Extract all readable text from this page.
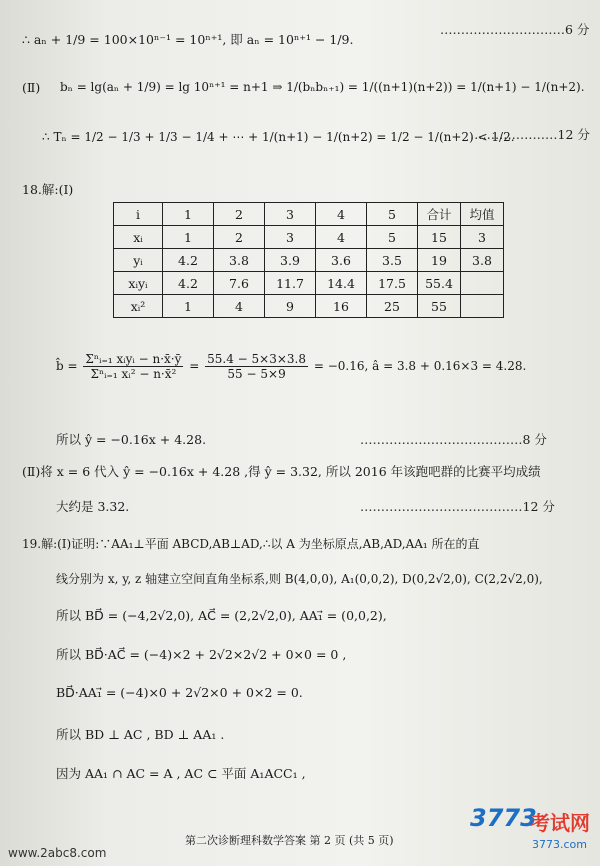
∴ aₙ + 1/9 = 100×10ⁿ⁻¹ = 10ⁿ⁺¹, 即 aₙ = 10ⁿ⁺¹ − 1/9.
…………………………6 分
(Ⅱ) bₙ = lg(aₙ + 1/9) = lg 10ⁿ⁺¹ = n+1 ⇒ 1/(bₙbₙ₊₁) = 1/((n+1)(n+2)) = 1/(n+1) − 1/(n+2).
∴ Tₙ = 1/2 − 1/3 + 1/3 − 1/4 + ⋯ + 1/(n+1) − 1/(n+2) = 1/2 − 1/(n+2) < 1/2.
…………………12 分
18.解:(Ⅰ)
i	1	2	3	4	5	合计	均值
xᵢ	1	2	3	4	5	15	3
yᵢ	4.2	3.8	3.9	3.6	3.5	19	3.8
xᵢyᵢ	4.2	7.6	11.7	14.4	17.5	55.4	
xᵢ²	1	4	9	16	25	55	
b̂ = $\frac{\text{Σⁿᵢ₌₁ xᵢyᵢ − n·x̄·ȳ}}{\text{Σⁿᵢ₌₁ xᵢ² − n·x̄²}} = \frac{55.4 - 5\times 3\times 3.8}{55 - 5\times 9} = -0.16$, â = 3.8 + 0.16×3 = 4.28.
所以 ŷ = −0.16x + 4.28.	…………………………………8 分
(Ⅱ)将 x = 6 代入 ŷ = −0.16x + 4.28 ,得 ŷ = 3.32, 所以 2016 年该跑吧群的比赛平均成绩
大约是 3.32.	…………………………………12 分
19.解:(Ⅰ)证明:∵AA₁⊥平面 ABCD,AB⊥AD,∴以 A 为坐标原点,AB,AD,AA₁ 所在的直
线分别为 x, y, z 轴建立空间直角坐标系,则 B(4,0,0), A₁(0,0,2), D(0,2√2,0), C(2,2√2,0),
所以 BD⃗ = (−4,2√2,0), AC⃗ = (2,2√2,0), AA₁⃗ = (0,0,2),
所以 BD⃗·AC⃗ = (−4)×2 + 2√2×2√2 + 0×0 = 0 ,
BD⃗·AA₁⃗ = (−4)×0 + 2√2×0 + 0×2 = 0.
所以 BD ⊥ AC , BD ⊥ AA₁ .
因为 AA₁ ∩ AC = A , AC ⊂ 平面 A₁ACC₁ ,
第二次诊断理科数学答案 第 2 页 (共 5 页)
www.2abc8.com
3773
考试网
3773.com
